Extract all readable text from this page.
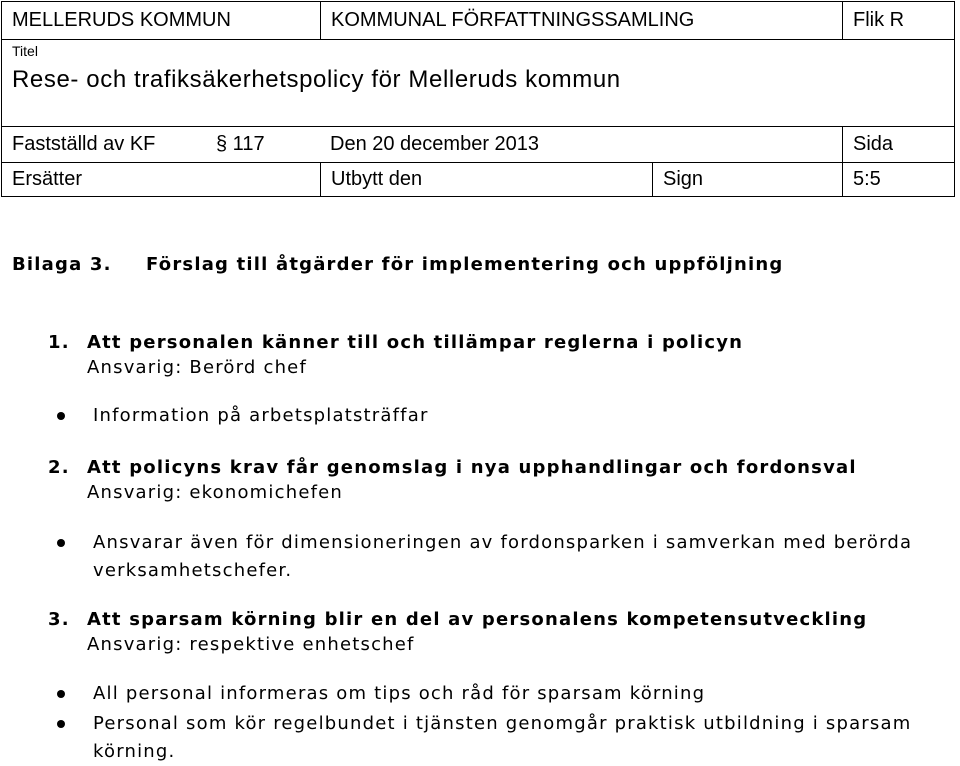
MELLERUDS KOMMUN	KOMMUNAL FÖRFATTNINGSSAMLING	Flik R
Titel
Rese- och trafiksäkerhetspolicy för Melleruds kommun
Fastställd av KF	§ 117	Den 20 december 2013	Sida
Ersätter	Utbytt den	Sign	5:5
Bilaga 3. Förslag till åtgärder för implementering och uppföljning
1. Att personalen känner till och tillämpar reglerna i policyn
Ansvarig: Berörd chef
Information på arbetsplatsträffar
2. Att policyns krav får genomslag i nya upphandlingar och fordonsval
Ansvarig: ekonomichefen
Ansvarar även för dimensioneringen av fordonsparken i samverkan med berörda
verksamhetschefer.
3. Att sparsam körning blir en del av personalens kompetensutveckling
Ansvarig: respektive enhetschef
All personal informeras om tips och råd för sparsam körning
Personal som kör regelbundet i tjänsten genomgår praktisk utbildning i sparsam
körning.
